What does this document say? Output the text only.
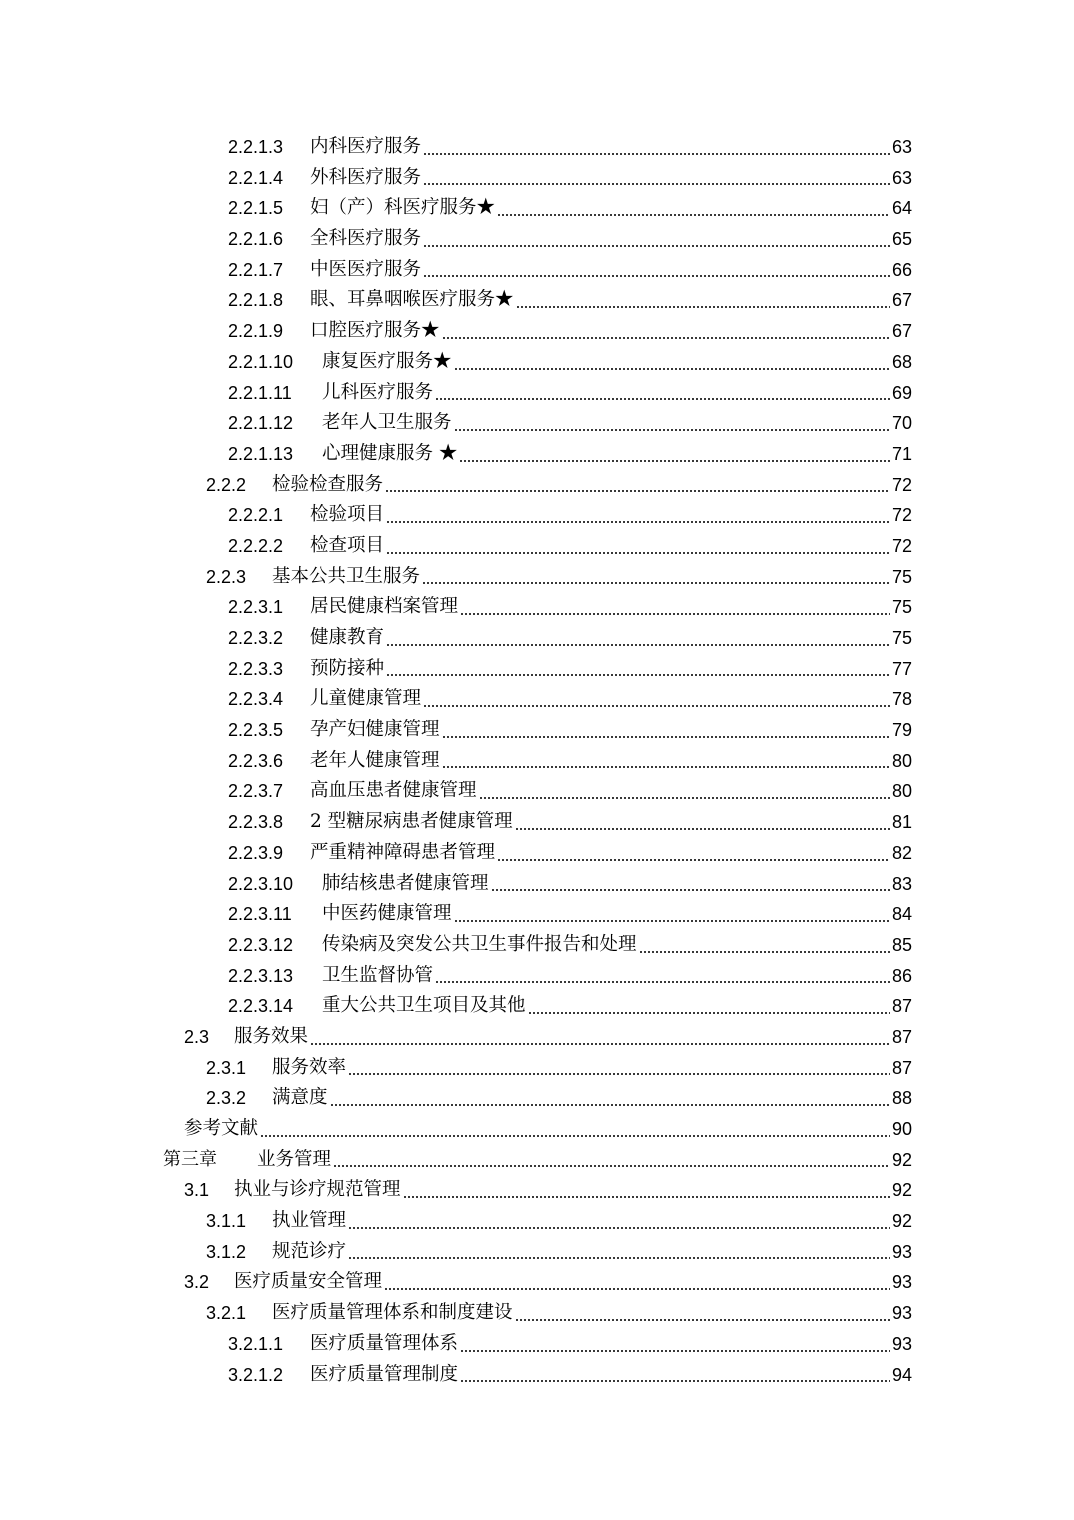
2.2.1.3	内科医疗服务	63
2.2.1.4	外科医疗服务	63
2.2.1.5	妇（产）科医疗服务★	64
2.2.1.6	全科医疗服务	65
2.2.1.7	中医医疗服务	66
2.2.1.8	眼、耳鼻咽喉医疗服务★	67
2.2.1.9	口腔医疗服务★	67
2.2.1.10	康复医疗服务★	68
2.2.1.11	儿科医疗服务	69
2.2.1.12	老年人卫生服务	70
2.2.1.13	心理健康服务 ★	71
2.2.2	检验检查服务	72
2.2.2.1	检验项目	72
2.2.2.2	检查项目	72
2.2.3	基本公共卫生服务	75
2.2.3.1	居民健康档案管理	75
2.2.3.2	健康教育	75
2.2.3.3	预防接种	77
2.2.3.4	儿童健康管理	78
2.2.3.5	孕产妇健康管理	79
2.2.3.6	老年人健康管理	80
2.2.3.7	高血压患者健康管理	80
2.2.3.8	2 型糖尿病患者健康管理	81
2.2.3.9	严重精神障碍患者管理	82
2.2.3.10	肺结核患者健康管理	83
2.2.3.11	中医药健康管理	84
2.2.3.12	传染病及突发公共卫生事件报告和处理	85
2.2.3.13	卫生监督协管	86
2.2.3.14	重大公共卫生项目及其他	87
2.3	服务效果	87
2.3.1	服务效率	87
2.3.2	满意度	88
参考文献	90
第三章	业务管理	92
3.1	执业与诊疗规范管理	92
3.1.1	执业管理	92
3.1.2	规范诊疗	93
3.2	医疗质量安全管理	93
3.2.1	医疗质量管理体系和制度建设	93
3.2.1.1	医疗质量管理体系	93
3.2.1.2	医疗质量管理制度	94
